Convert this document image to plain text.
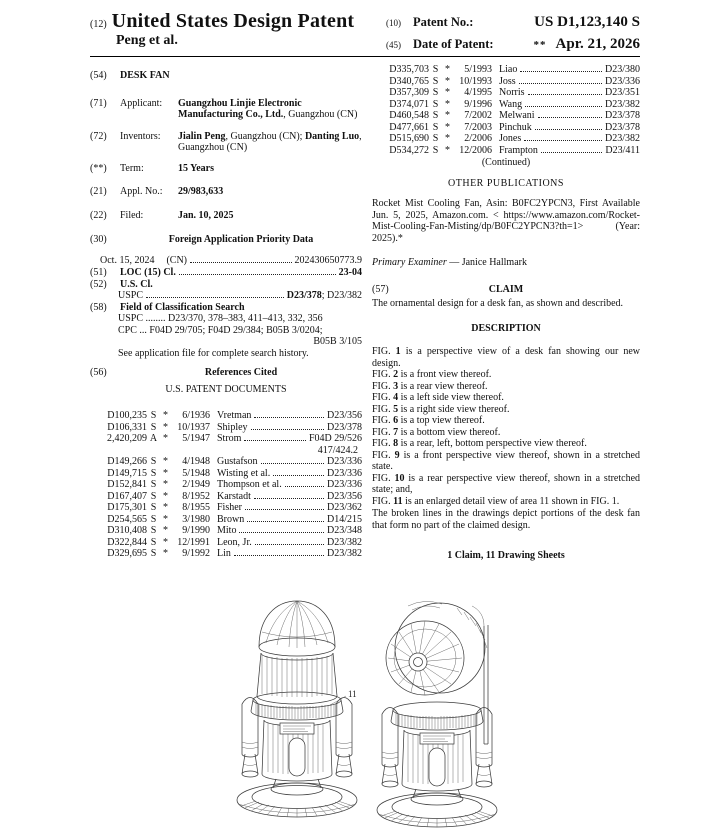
(12) United States Design Patent
Peng et al.
(10) Patent No.:	US D1,123,140 S
(45) Date of Patent:	** Apr. 21, 2026
(54)	DESK FAN
(71)	Applicant:	Guangzhou Linjie Electronic Manufacturing Co., Ltd., Guangzhou (CN)
(72)	Inventors:	Jialin Peng, Guangzhou (CN); Danting Luo, Guangzhou (CN)
(**)	Term:	15 Years
(21)	Appl. No.:	29/983,633
(22)	Filed:	Jan. 10, 2025
(30)	Foreign Application Priority Data
Oct. 15, 2024 (CN)	202430650773.9
(51)	LOC (15) Cl.	23-04
(52)	U.S. Cl.
USPC	D23/378; D23/382
(58)	Field of Classification Search
USPC ........ D23/370, 378–383, 411–413, 332, 356
CPC ... F04D 29/705; F04D 29/384; B05B 3/0204;
B05B 3/105
See application file for complete search history.
(56)	References Cited
U.S. PATENT DOCUMENTS
D100,235 S *	6/1936 Vretman	D23/356
D106,331 S * 10/1937 Shipley	D23/378
2,420,209 A *	5/1947 Strom	F04D 29/526
417/424.2
D149,266 S *	4/1948 Gustafson	D23/336
D149,715 S *	5/1948 Wisting et al.	D23/336
D152,841 S *	2/1949 Thompson et al.	D23/336
D167,407 S *	8/1952 Karstadt	D23/356
D175,301 S *	8/1955 Fisher	D23/362
D254,565 S *	3/1980 Brown	D14/215
D310,408 S *	9/1990 Mito	D23/348
D322,844 S * 12/1991 Leon, Jr.	D23/382
D329,695 S *	9/1992 Lin	D23/382
D335,703 S *	5/1993 Liao	D23/380
D340,765 S * 10/1993 Joss	D23/336
D357,309 S *	4/1995 Norris	D23/351
D374,071 S *	9/1996 Wang	D23/382
D460,548 S *	7/2002 Melwani	D23/378
D477,661 S *	7/2003 Pinchuk	D23/378
D515,690 S *	2/2006 Jones	D23/382
D534,272 S * 12/2006 Frampton	D23/411
(Continued)
OTHER PUBLICATIONS
Rocket Mist Cooling Fan, Asin: B0FC2YPCN3, First Available Jun. 5, 2025, Amazon.com. < https://www.amazon.com/Rocket-Mist-Cooling-Fan-Misting/dp/B0FC2YPCN3?th=1> (Year: 2025).*
Primary Examiner — Janice Hallmark
(57)	CLAIM
The ornamental design for a desk fan, as shown and described.
DESCRIPTION

FIG. 1 is a perspective view of a desk fan showing our new design.

FIG. 2 is a front view thereof.

FIG. 3 is a rear view thereof.

FIG. 4 is a left side view thereof.

FIG. 5 is a right side view thereof.

FIG. 6 is a top view thereof.

FIG. 7 is a bottom view thereof.

FIG. 8 is a rear, left, bottom perspective view thereof.

FIG. 9 is a front perspective view thereof, shown in a stretched state.

FIG. 10 is a rear perspective view thereof, shown in a stretched state; and,

FIG. 11 is an enlarged detail view of area 11 shown in FIG. 1.

The broken lines in the drawings depict portions of the desk fan that form no part of the claimed design.
1 Claim, 11 Drawing Sheets
11
